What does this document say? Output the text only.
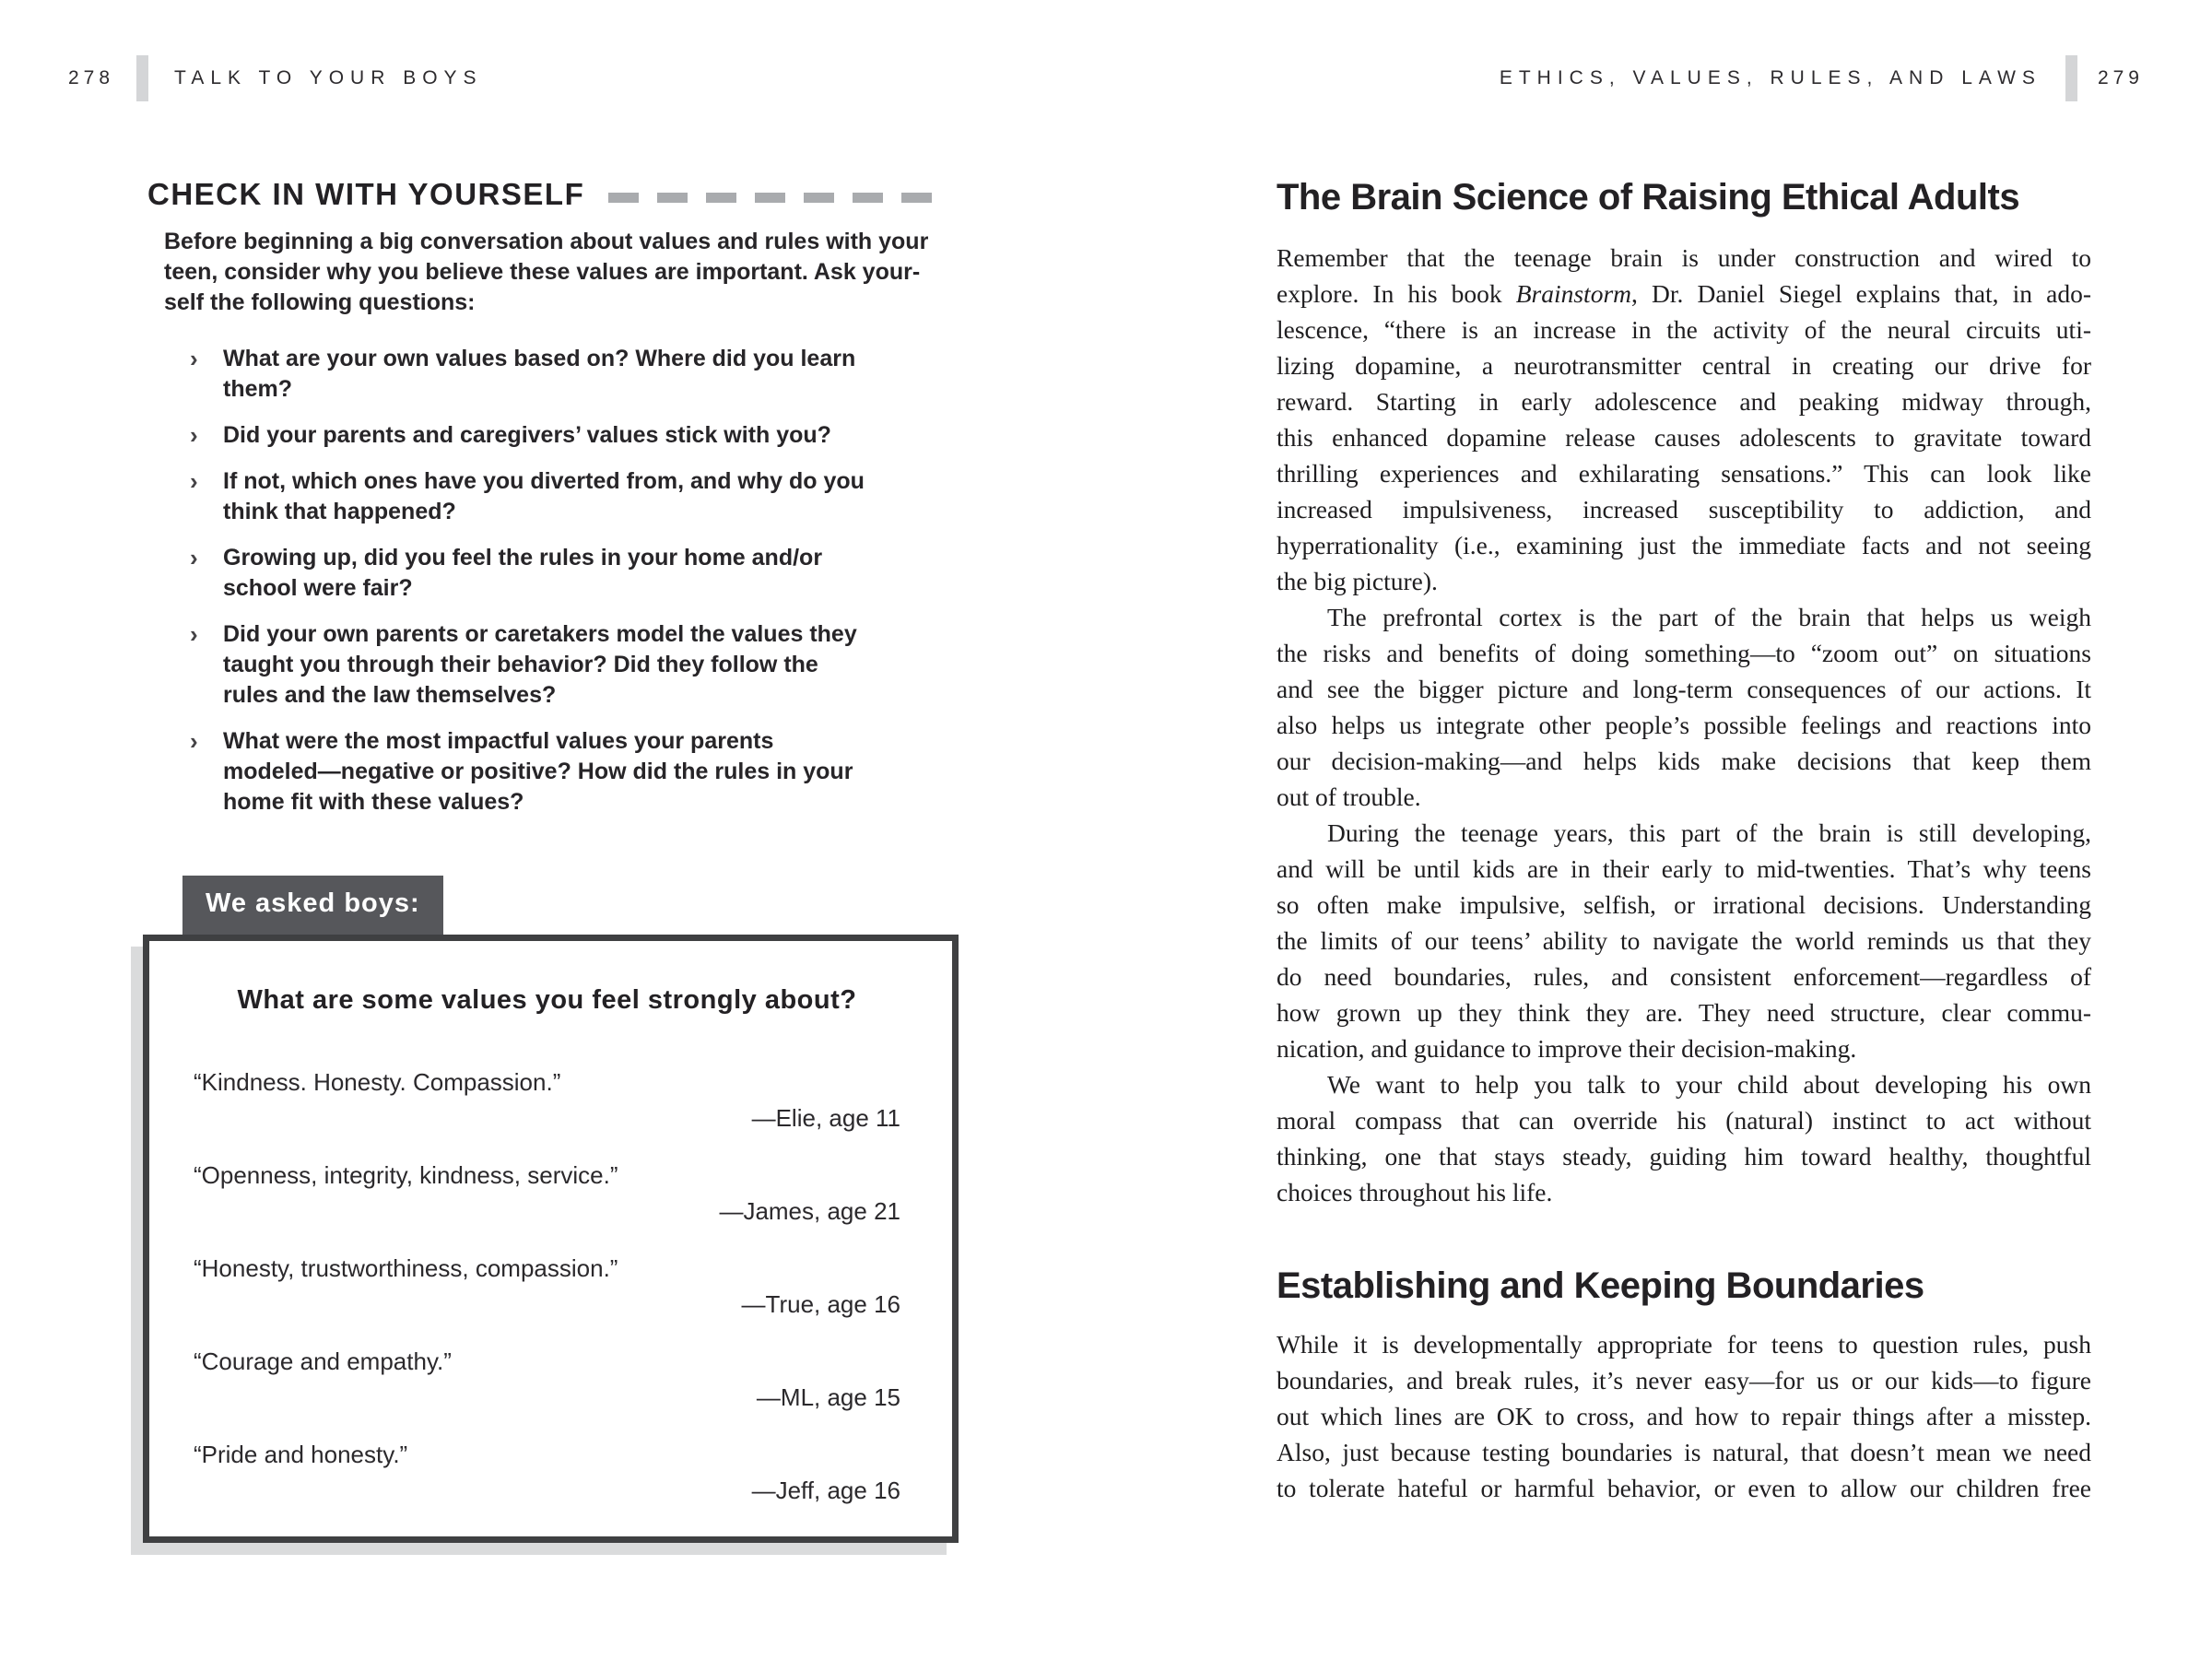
278	TALK TO YOUR BOYS
CHECK IN WITH YOURSELF
Before beginning a big conversation about values and rules with your
teen, consider why you believe these values are important. Ask your-
self the following questions:
›	What are your own values based on? Where did you learn
them?
›	Did your parents and caregivers’ values stick with you?
›	If not, which ones have you diverted from, and why do you
think that happened?
›	Growing up, did you feel the rules in your home and/or
school were fair?
›	Did your own parents or caretakers model the values they
taught you through their behavior? Did they follow the
rules and the law themselves?
›	What were the most impactful values your parents
modeled—negative or positive? How did the rules in your
home fit with these values?
We asked boys:
What are some values you feel strongly about?
“Kindness. Honesty. Compassion.”
—Elie, age 11
“Openness, integrity, kindness, service.”
—James, age 21
“Honesty, trustworthiness, compassion.”
—True, age 16
“Courage and empathy.”
—ML, age 15
“Pride and honesty.”
—Jeff, age 16
ETHICS, VALUES, RULES, AND LAWS	279
The Brain Science of Raising Ethical Adults
Remember that the teenage brain is under construction and wired to
explore. In his book Brainstorm, Dr. Daniel Siegel explains that, in ado-
lescence, “there is an increase in the activity of the neural circuits uti-
lizing dopamine, a neurotransmitter central in creating our drive for
reward. Starting in early adolescence and peaking midway through,
this enhanced dopamine release causes adolescents to gravitate toward
thrilling experiences and exhilarating sensations.” This can look like
increased impulsiveness, increased susceptibility to addiction, and
hyperrationality (i.e., examining just the immediate facts and not seeing
the big picture).
The prefrontal cortex is the part of the brain that helps us weigh
the risks and benefits of doing something—to “zoom out” on situations
and see the bigger picture and long-term consequences of our actions. It
also helps us integrate other people’s possible feelings and reactions into
our decision-making—and helps kids make decisions that keep them
out of trouble.
During the teenage years, this part of the brain is still developing,
and will be until kids are in their early to mid-twenties. That’s why teens
so often make impulsive, selfish, or irrational decisions. Understanding
the limits of our teens’ ability to navigate the world reminds us that they
do need boundaries, rules, and consistent enforcement—regardless of
how grown up they think they are. They need structure, clear commu-
nication, and guidance to improve their decision-making.
We want to help you talk to your child about developing his own
moral compass that can override his (natural) instinct to act without
thinking, one that stays steady, guiding him toward healthy, thoughtful
choices throughout his life.
Establishing and Keeping Boundaries
While it is developmentally appropriate for teens to question rules, push
boundaries, and break rules, it’s never easy—for us or our kids—to figure
out which lines are OK to cross, and how to repair things after a misstep.
Also, just because testing boundaries is natural, that doesn’t mean we need
to tolerate hateful or harmful behavior, or even to allow our children free
